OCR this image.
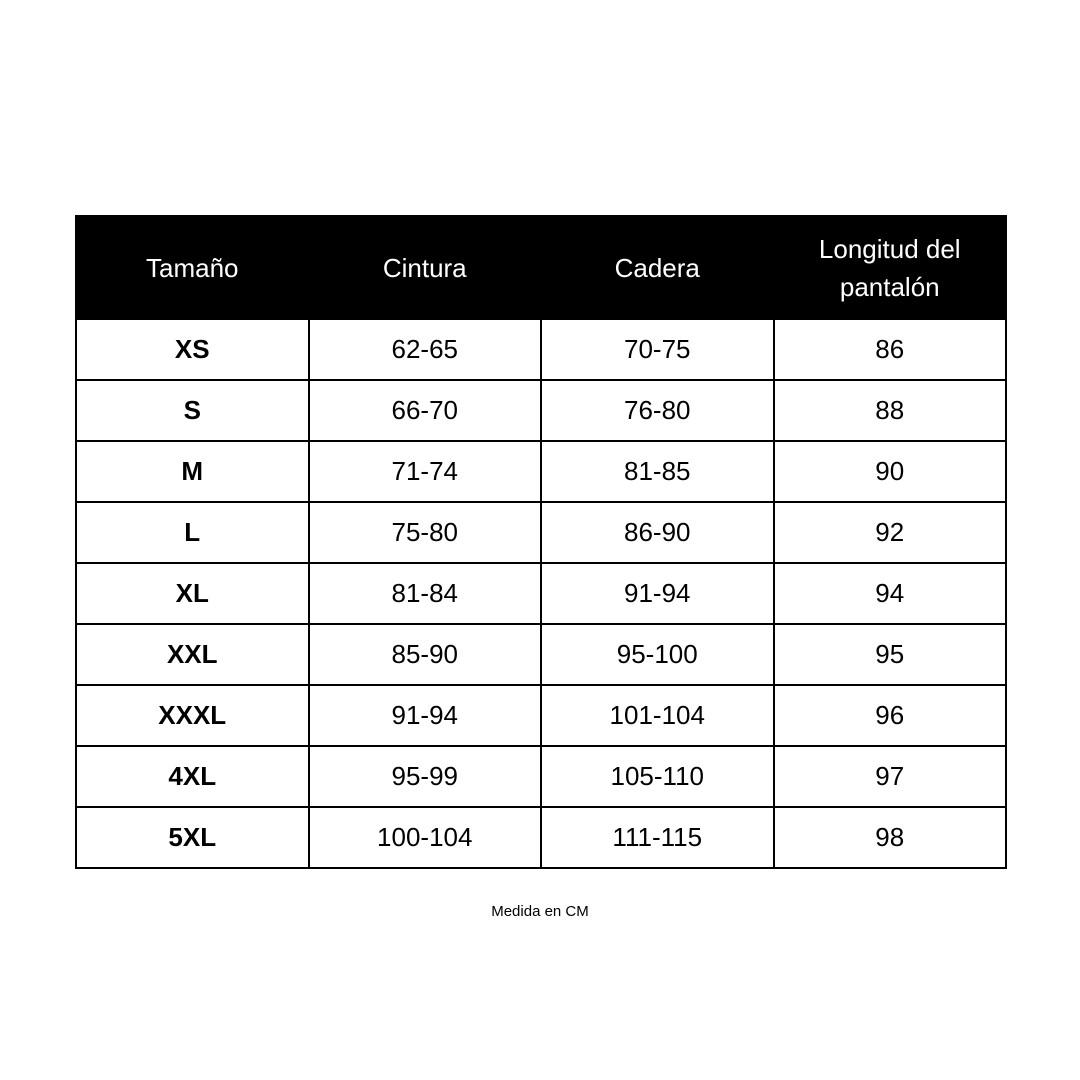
Tamaño	Cintura	Cadera	Longitud del pantalón
XS	62-65	70-75	86
S	66-70	76-80	88
M	71-74	81-85	90
L	75-80	86-90	92
XL	81-84	91-94	94
XXL	85-90	95-100	95
XXXL	91-94	101-104	96
4XL	95-99	105-110	97
5XL	100-104	111-115	98
Medida en CM
